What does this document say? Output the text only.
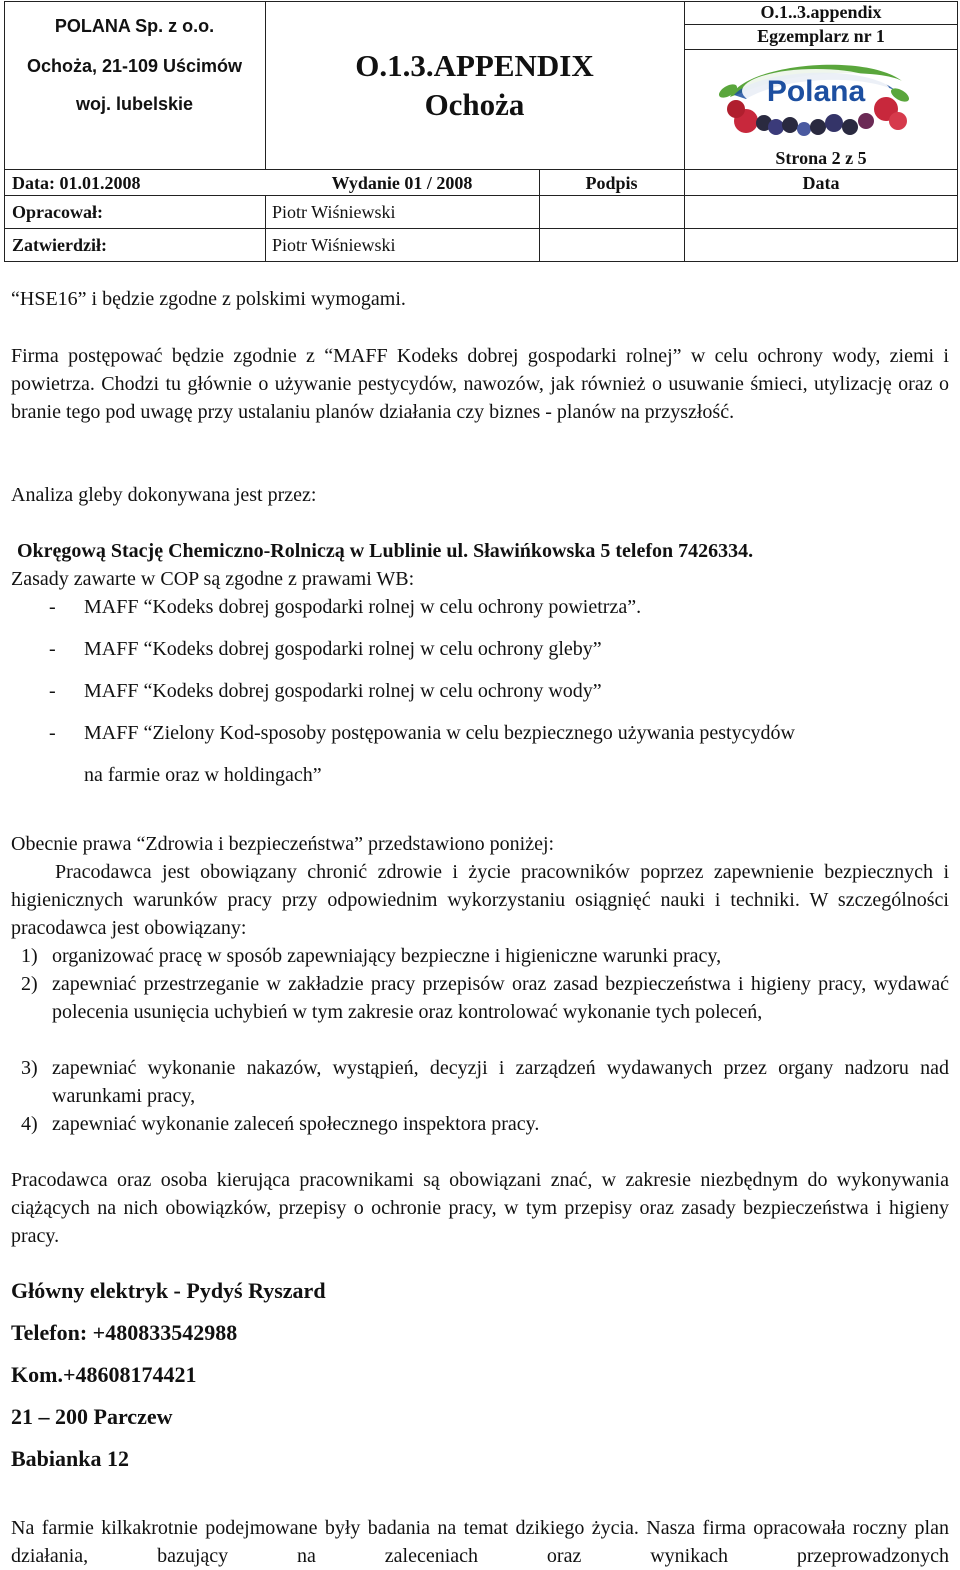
POLANA Sp. z o.o.
Ochoża, 21-109 Uścimów
woj. lubelskie
O.1.3.APPENDIX
Ochoża
O.1..3.appendix
Egzemplarz nr 1
Polana
Strona 2 z 5
Data: 01.01.2008	Wydanie 01 / 2008	Podpis	Data
Opracował:	Piotr Wiśniewski
Zatwierdził:	Piotr Wiśniewski

“HSE16” i będzie zgodne z polskimi wymogami.

Firma postępować będzie zgodnie z “MAFF Kodeks dobrej gospodarki rolnej” w celu ochrony wody, ziemi i powietrza. Chodzi tu głównie o używanie pestycydów, nawozów, jak również o usuwanie śmieci, utylizację oraz o branie tego pod uwagę przy ustalaniu planów działania czy biznes - planów na przyszłość.

Analiza gleby dokonywana jest przez:

Okręgową Stację Chemiczno-Rolniczą w Lublinie ul. Sławińkowska 5 telefon 7426334.

Zasady zawarte w COP są zgodne z prawami WB:

- MAFF “Kodeks dobrej gospodarki rolnej w celu ochrony powietrza”.
- MAFF “Kodeks dobrej gospodarki rolnej w celu ochrony gleby”
- MAFF “Kodeks dobrej gospodarki rolnej w celu ochrony wody”
- MAFF “Zielony Kod-sposoby postępowania w celu bezpiecznego używania pestycydów
na farmie oraz w holdingach”

Obecnie prawa “Zdrowia i bezpieczeństwa” przedstawiono poniżej:

Pracodawca jest obowiązany chronić zdrowie i życie pracowników poprzez zapewnienie bezpiecznych i higienicznych warunków pracy przy odpowiednim wykorzystaniu osiągnięć nauki i techniki. W szczególności pracodawca jest obowiązany:

1) organizować pracę w sposób zapewniający bezpieczne i higieniczne warunki pracy,
2) zapewniać przestrzeganie w zakładzie pracy przepisów oraz zasad bezpieczeństwa i higieny pracy, wydawać polecenia usunięcia uchybień w tym zakresie oraz kontrolować wykonanie tych poleceń,
3) zapewniać wykonanie nakazów, wystąpień, decyzji i zarządzeń wydawanych przez organy nadzoru nad warunkami pracy,
4) zapewniać wykonanie zaleceń społecznego inspektora pracy.

Pracodawca oraz osoba kierująca pracownikami są obowiązani znać, w zakresie niezbędnym do wykonywania ciążących na nich obowiązków, przepisy o ochronie pracy, w tym przepisy oraz zasady bezpieczeństwa i higieny pracy.

Główny elektryk - Pydyś Ryszard

Telefon: +480833542988

Kom.+48608174421

21 – 200 Parczew

Babianka 12

Na farmie kilkakrotnie podejmowane były badania na temat dzikiego życia. Nasza firma opracowała roczny plan działania, bazujący na zaleceniach oraz wynikach przeprowadzonych
